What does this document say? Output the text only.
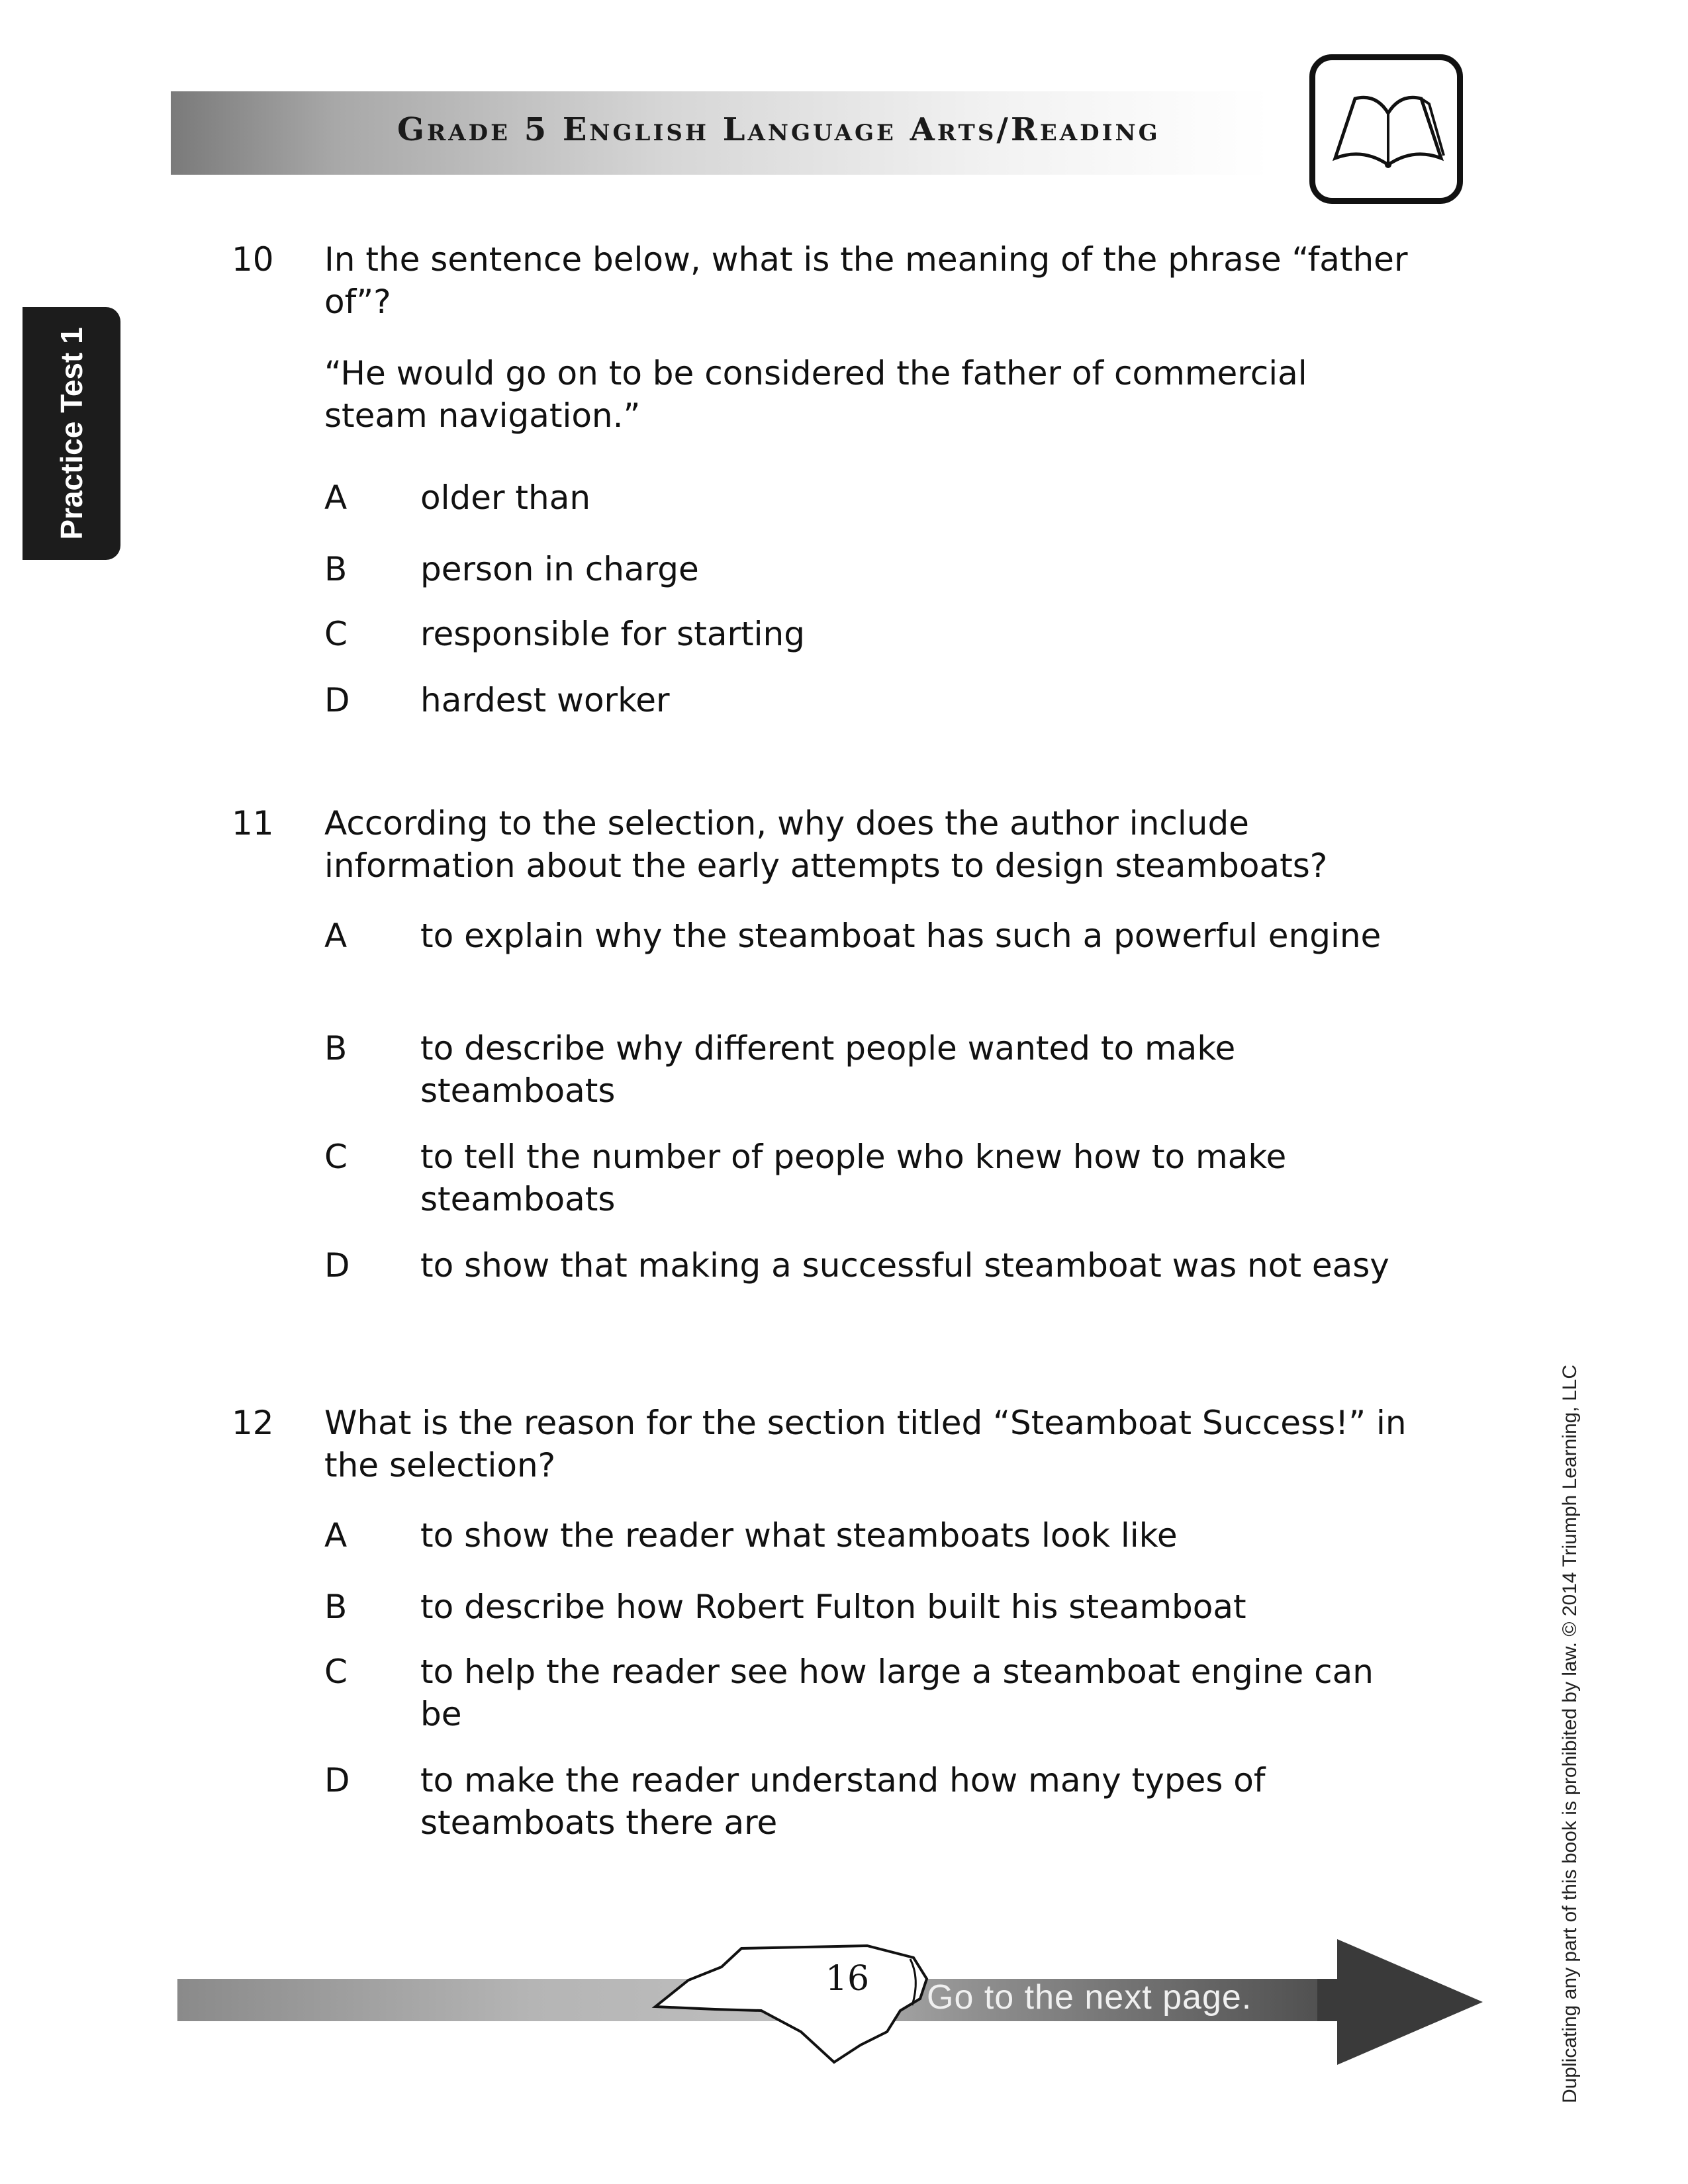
Grade 5 English Language Arts/Reading
Practice Test 1
10 In the sentence below, what is the meaning of the phrase “father of”?
“He would go on to be considered the father of commercial steam navigation.”
A older than
B person in charge
C responsible for starting
D hardest worker
11 According to the selection, why does the author include information about the early attempts to design steamboats?
A to explain why the steamboat has such a powerful engine
B to describe why different people wanted to make steamboats
C to tell the number of people who knew how to make steamboats
D to show that making a successful steamboat was not easy
12 What is the reason for the section titled “Steamboat Success!” in the selection?
A to show the reader what steamboats look like
B to describe how Robert Fulton built his steamboat
C to help the reader see how large a steamboat engine can be
D to make the reader understand how many types of steamboats there are
16	Go to the next page.	Duplicating any part of this book is prohibited by law. © 2014 Triumph Learning, LLC
